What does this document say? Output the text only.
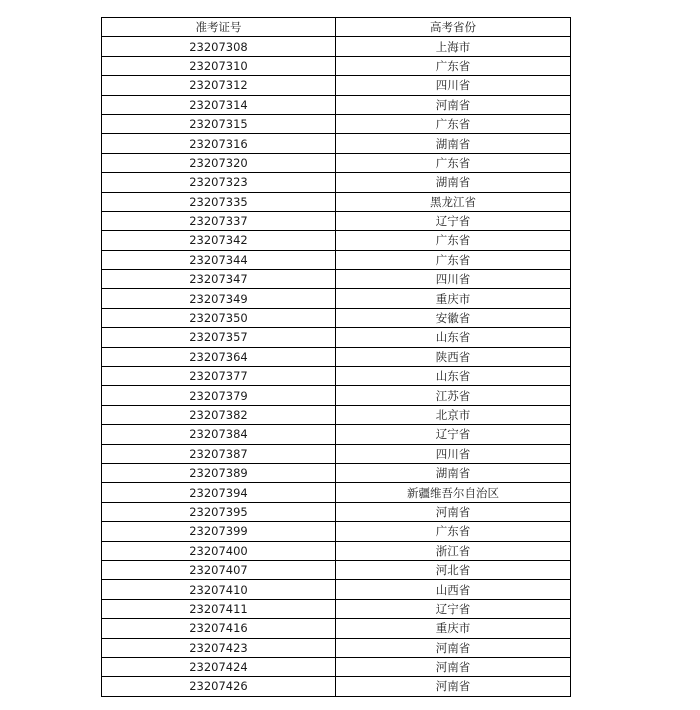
准考证号	高考省份
23207308	上海市
23207310	广东省
23207312	四川省
23207314	河南省
23207315	广东省
23207316	湖南省
23207320	广东省
23207323	湖南省
23207335	黑龙江省
23207337	辽宁省
23207342	广东省
23207344	广东省
23207347	四川省
23207349	重庆市
23207350	安徽省
23207357	山东省
23207364	陕西省
23207377	山东省
23207379	江苏省
23207382	北京市
23207384	辽宁省
23207387	四川省
23207389	湖南省
23207394	新疆维吾尔自治区
23207395	河南省
23207399	广东省
23207400	浙江省
23207407	河北省
23207410	山西省
23207411	辽宁省
23207416	重庆市
23207423	河南省
23207424	河南省
23207426	河南省
